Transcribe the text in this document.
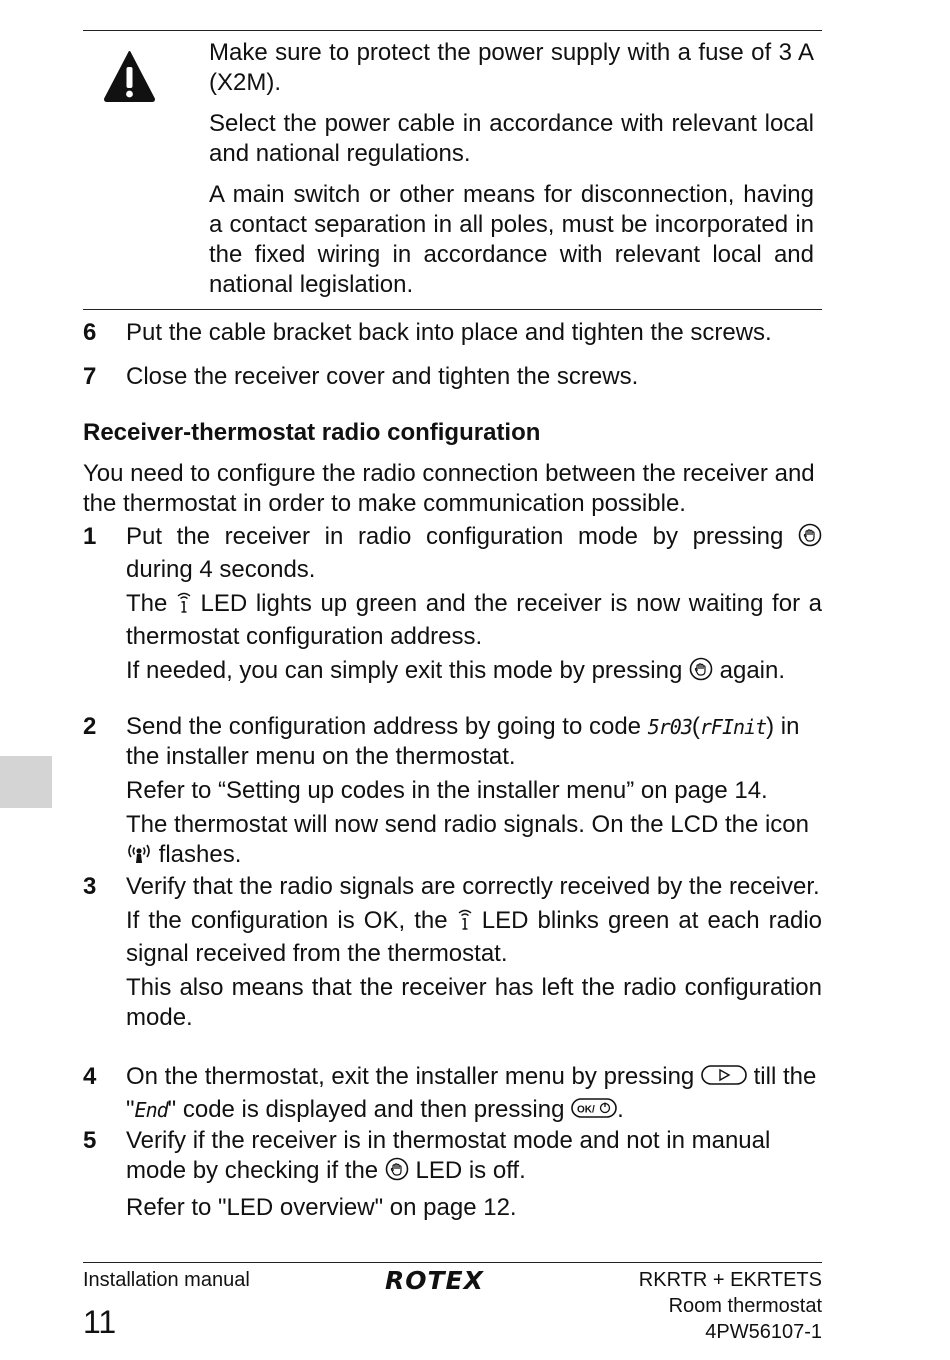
Make sure to protect the power supply with a fuse of 3 A (X2M).

Select the power cable in accordance with relevant local and national regulations.

A main switch or other means for disconnection, having a contact separation in all poles, must be incorporated in the fixed wiring in accordance with relevant local and national legislation.

6 Put the cable bracket back into place and tighten the screws.
7 Close the receiver cover and tighten the screws.
Receiver-thermostat radio configuration
You need to configure the radio connection between the receiver and the thermostat in order to make communication possible.
1 Put the receiver in radio configuration mode by pressing  during 4 seconds.

The LED lights up green and the receiver is now waiting for a thermostat configuration address.

If needed, you can simply exit this mode by pressing again.

2 Send the configuration address by going to code 5r03(rFInit) in the installer menu on the thermostat.

Refer to “Setting up codes in the installer menu” on page 14.

The thermostat will now send radio signals. On the LCD the icon  flashes.

3 Verify that the radio signals are correctly received by the receiver.

If the configuration is OK, the LED blinks green at each radio signal received from the thermostat.

This also means that the receiver has left the radio configuration mode.

4 On the thermostat, exit the installer menu by pressing till the "End" code is displayed and then pressing OK/ .

5 Verify if the receiver is in thermostat mode and not in manual mode by checking if the LED is off.

Refer to "LED overview" on page 12.

Installation manual	ROTEX	RKRTR + EKRTETS
Room thermostat
4PW56107-1
11
